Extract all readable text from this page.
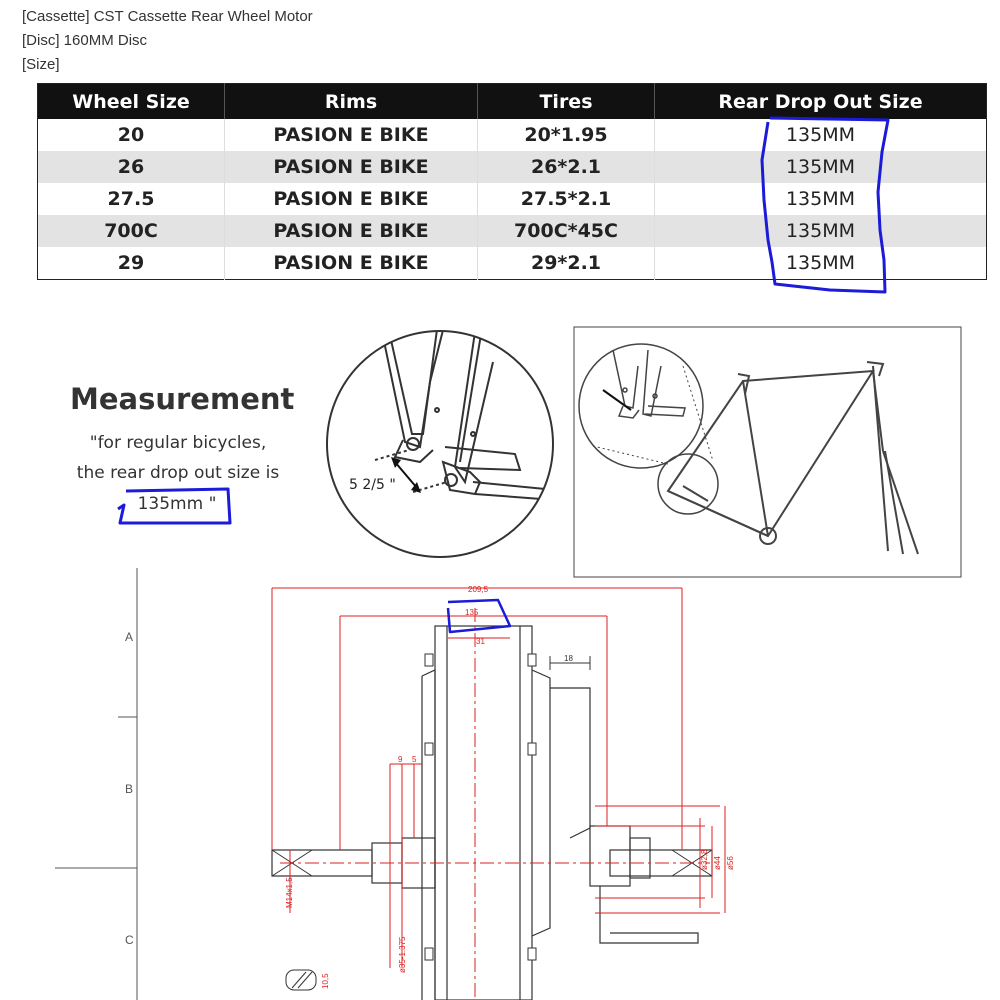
[Cassette] CST Cassette Rear Wheel Motor
[Disc] 160MM Disc
[Size]
Wheel Size	Rims	Tires	Rear Drop Out Size
20	PASION E BIKE	20*1.95	135MM
26	PASION E BIKE	26*2.1	135MM
27.5	PASION E BIKE	27.5*2.1	135MM
700C	PASION E BIKE	700C*45C	135MM
29	PASION E BIKE	29*2.1	135MM
Measurement
"for regular bicycles,
the rear drop out size is
135mm "
5 2/5 "
A
B
C
209,5
135
31
9 5
ø32,8 ø44 ø56
M14x1,5
ø35-1.375
10,5
18
